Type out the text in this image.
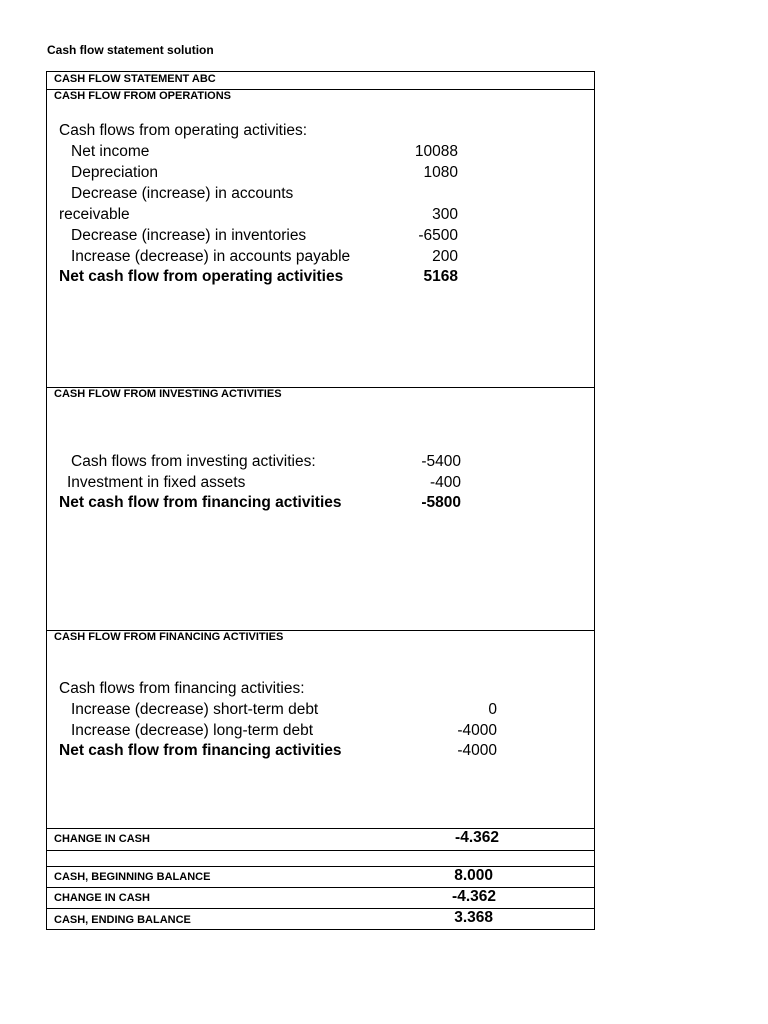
Cash flow statement solution
CASH FLOW STATEMENT ABC
CASH FLOW FROM OPERATIONS
Cash flows from operating activities:
Net income	10088
Depreciation	1080
Decrease (increase) in accounts
receivable	300
Decrease (increase) in inventories	-6500
Increase (decrease) in accounts payable	200
Net cash flow from operating activities	5168
CASH FLOW FROM INVESTING ACTIVITIES
Cash flows from investing activities:	-5400
Investment in fixed assets	-400
Net cash flow from financing activities	-5800
CASH FLOW FROM FINANCING ACTIVITIES
Cash flows from financing activities:
Increase (decrease) short-term debt	0
Increase (decrease) long-term debt	-4000
Net cash flow from financing activities	-4000
CHANGE IN CASH	-4.362
CASH, BEGINNING BALANCE	8.000
CHANGE IN CASH	-4.362
CASH, ENDING BALANCE	3.368
